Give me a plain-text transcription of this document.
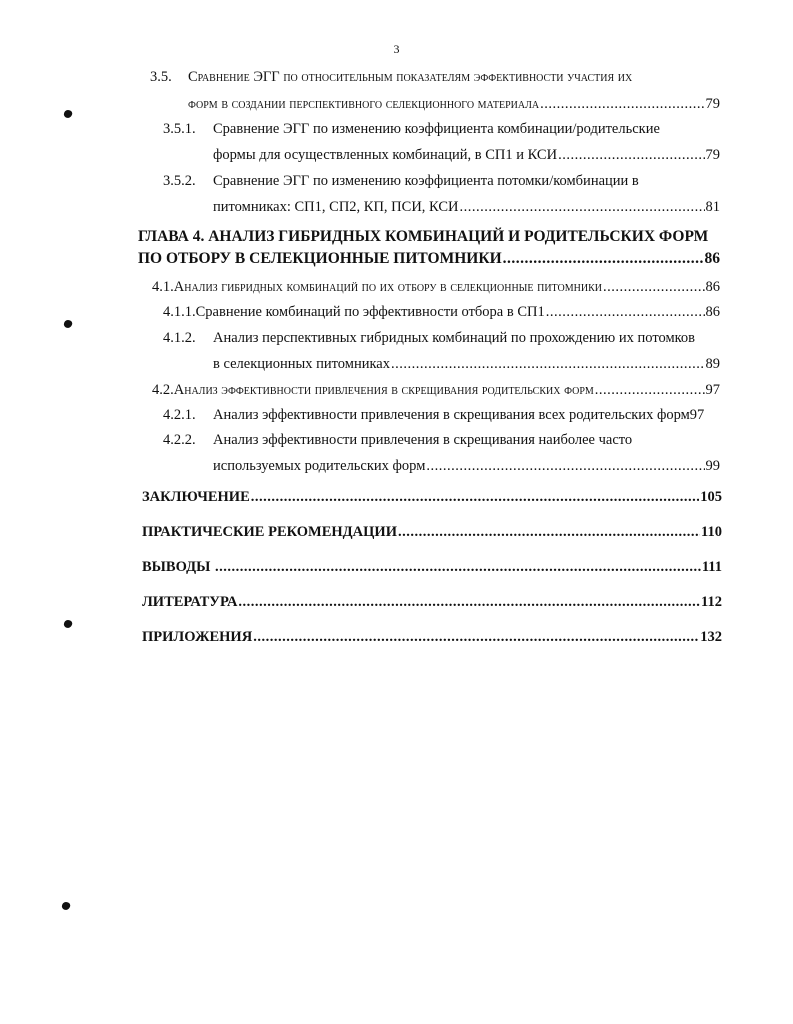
3
3.5.	Сравнение ЭГГ по относительным показателям эффективности участия их
форм в создании перспективного селекционного материала .....	79
3.5.1.	Сравнение ЭГГ по изменению коэффициента комбинации/родительские
формы для осуществленных комбинаций, в СП1 и КСИ .....	79
3.5.2.	Сравнение ЭГГ по изменению коэффициента потомки/комбинации в
питомниках: СП1, СП2, КП, ПСИ, КСИ .....	81
ГЛАВА 4. АНАЛИЗ ГИБРИДНЫХ КОМБИНАЦИЙ И РОДИТЕЛЬСКИХ ФОРМ
ПО ОТБОРУ В СЕЛЕКЦИОННЫЕ ПИТОМНИКИ .....	86
4.1. Анализ гибридных комбинаций по их отбору в селекционные питомники .....	86
4.1.1. Сравнение комбинаций по эффективности отбора в СП1 .....	86
4.1.2.	Анализ перспективных гибридных комбинаций по прохождению их потомков
в селекционных питомниках .....	89
4.2. Анализ эффективности привлечения в скрещивания родительских форм .....	97
4.2.1.	Анализ эффективности привлечения в скрещивания всех родительских форм 97
4.2.2.	Анализ эффективности привлечения в скрещивания наиболее часто
используемых родительских форм .....	99
ЗАКЛЮЧЕНИЕ .....	105
ПРАКТИЧЕСКИЕ РЕКОМЕНДАЦИИ .....	110
ВЫВОДЫ .....	111
ЛИТЕРАТУРА .....	112
ПРИЛОЖЕНИЯ .....	132
